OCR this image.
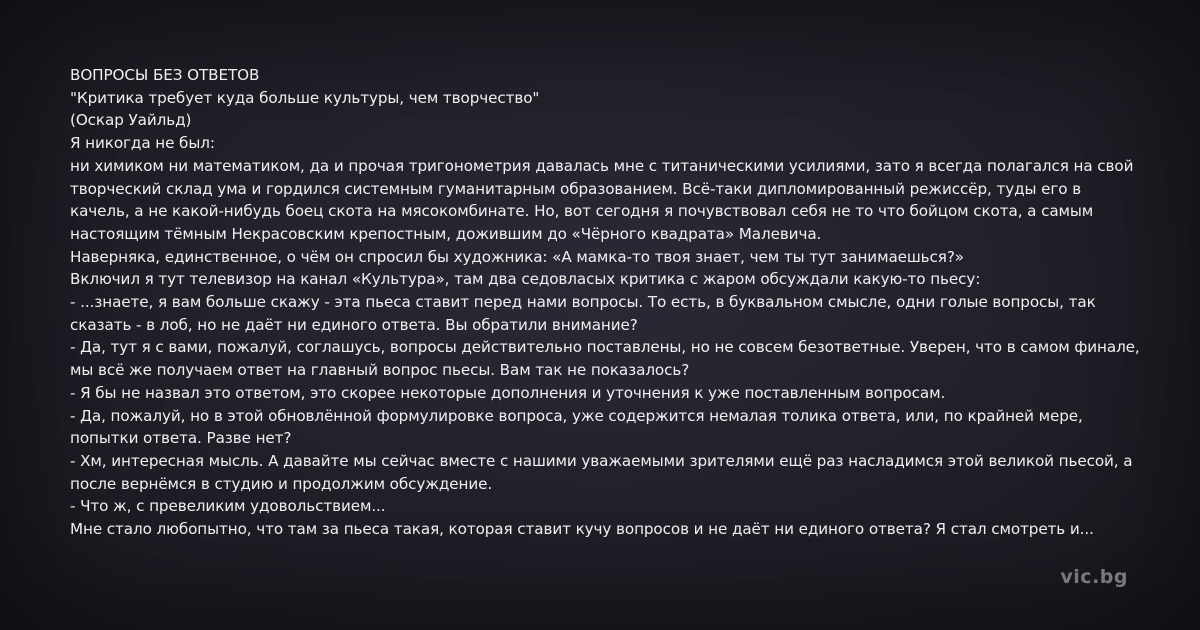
ВОПРОСЫ БЕЗ ОТВЕТОВ

"Критика требует куда больше культуры, чем творчество"

(Оскар Уайльд)

Я никогда не был:

ни химиком ни математиком, да и прочая тригонометрия давалась мне с титаническими усилиями, зато я всегда полагался на свой творческий склад ума и гордился системным гуманитарным образованием. Всё-таки дипломированный режиссёр, туды его в качель, а не какой-нибудь боец скота на мясокомбинате. Но, вот сегодня я почувствовал себя не то что бойцом скота, а самым настоящим тёмным Некрасовским крепостным, дожившим до «Чёрного квадрата» Малевича.

Наверняка, единственное, о чём он спросил бы художника: «А мамка-то твоя знает, чем ты тут занимаешься?»

Включил я тут телевизор на канал «Культура», там два седовласых критика с жаром обсуждали какую-то пьесу:

- ...знаете, я вам больше скажу - эта пьеса ставит перед нами вопросы. То есть, в буквальном смысле, одни голые вопросы, так сказать - в лоб, но не даёт ни единого ответа. Вы обратили внимание?

- Да, тут я с вами, пожалуй, соглашусь, вопросы действительно поставлены, но не совсем безответные. Уверен, что в самом финале, мы всё же получаем ответ на главный вопрос пьесы. Вам так не показалось?

- Я бы не назвал это ответом, это скорее некоторые дополнения и уточнения к уже поставленным вопросам.

- Да, пожалуй, но в этой обновлённой формулировке вопроса, уже содержится немалая толика ответа, или, по крайней мере, попытки ответа. Разве нет?

- Хм, интересная мысль. А давайте мы сейчас вместе с нашими уважаемыми зрителями ещё раз насладимся этой великой пьесой, а после вернёмся в студию и продолжим обсуждение.

- Что ж, с превеликим удовольствием...

Мне стало любопытно, что там за пьеса такая, которая ставит кучу вопросов и не даёт ни единого ответа? Я стал смотреть и...

vic.bg
